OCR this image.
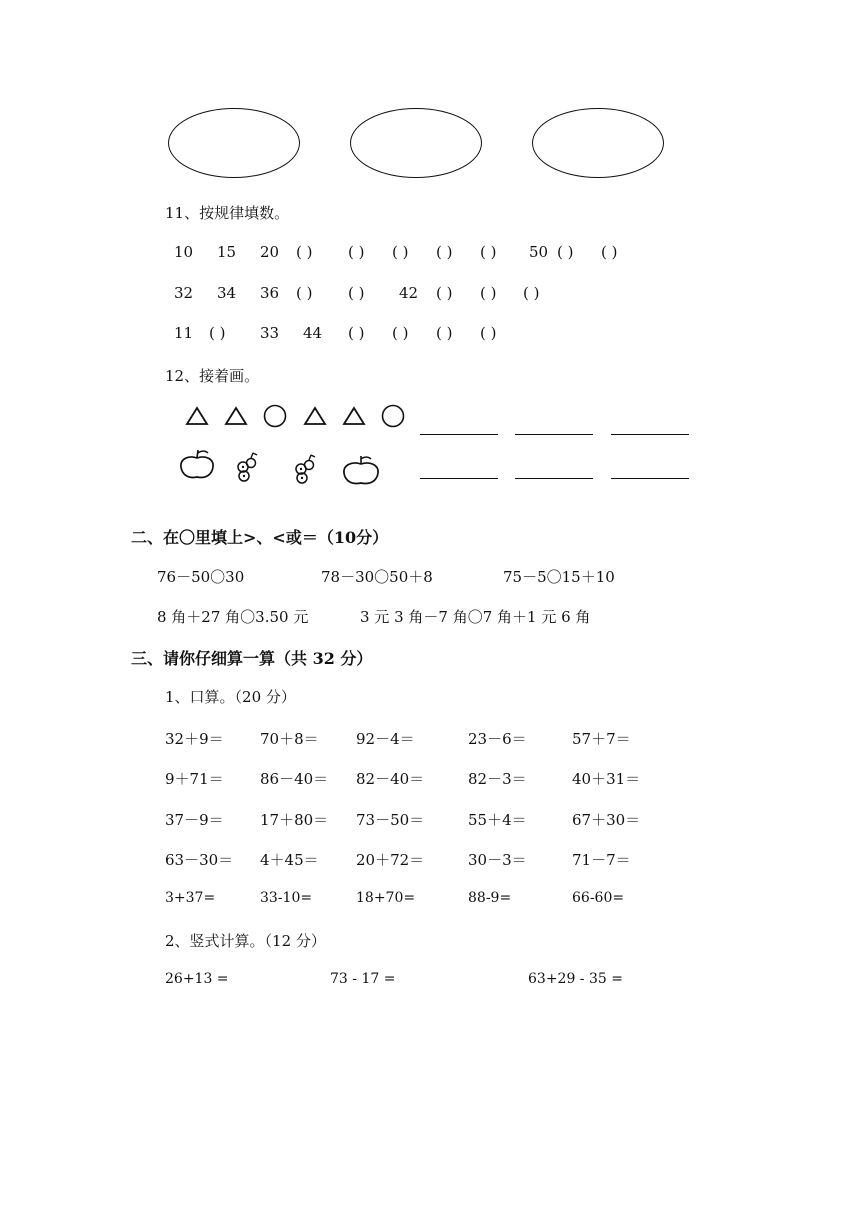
11、按规律填数。
10 15 20 ( ) ( ) ( ) ( ) ( ) 50 ( ) ( )
32 34 36 ( ) ( ) 42 ( ) ( ) ( )
11 ( ) 33 44 ( ) ( ) ( ) ( )
12、接着画。
二、在〇里填上>、<或＝（10分）
76－50〇30	78－30〇50＋8	75－5〇15＋10
8 角＋27 角〇3.50 元	3 元 3 角－7 角〇7 角＋1 元 6 角
三、请你仔细算一算（共 32 分）
1、口算。（20 分）
32＋9＝ 70＋8＝ 92－4＝	23－6＝	57＋7＝
9＋71＝ 86－40＝ 82－40＝	82－3＝	40＋31＝
37－9＝ 17＋80＝ 73－50＝	55＋4＝	67＋30＝
63－30＝ 4＋45＝ 20＋72＝	30－3＝	71－7＝
3+37=	33-10=	18+70=	88-9=	66-60=
2、竖式计算。（12 分）
26+13 =	73 - 17 =	63+29 - 35 =
